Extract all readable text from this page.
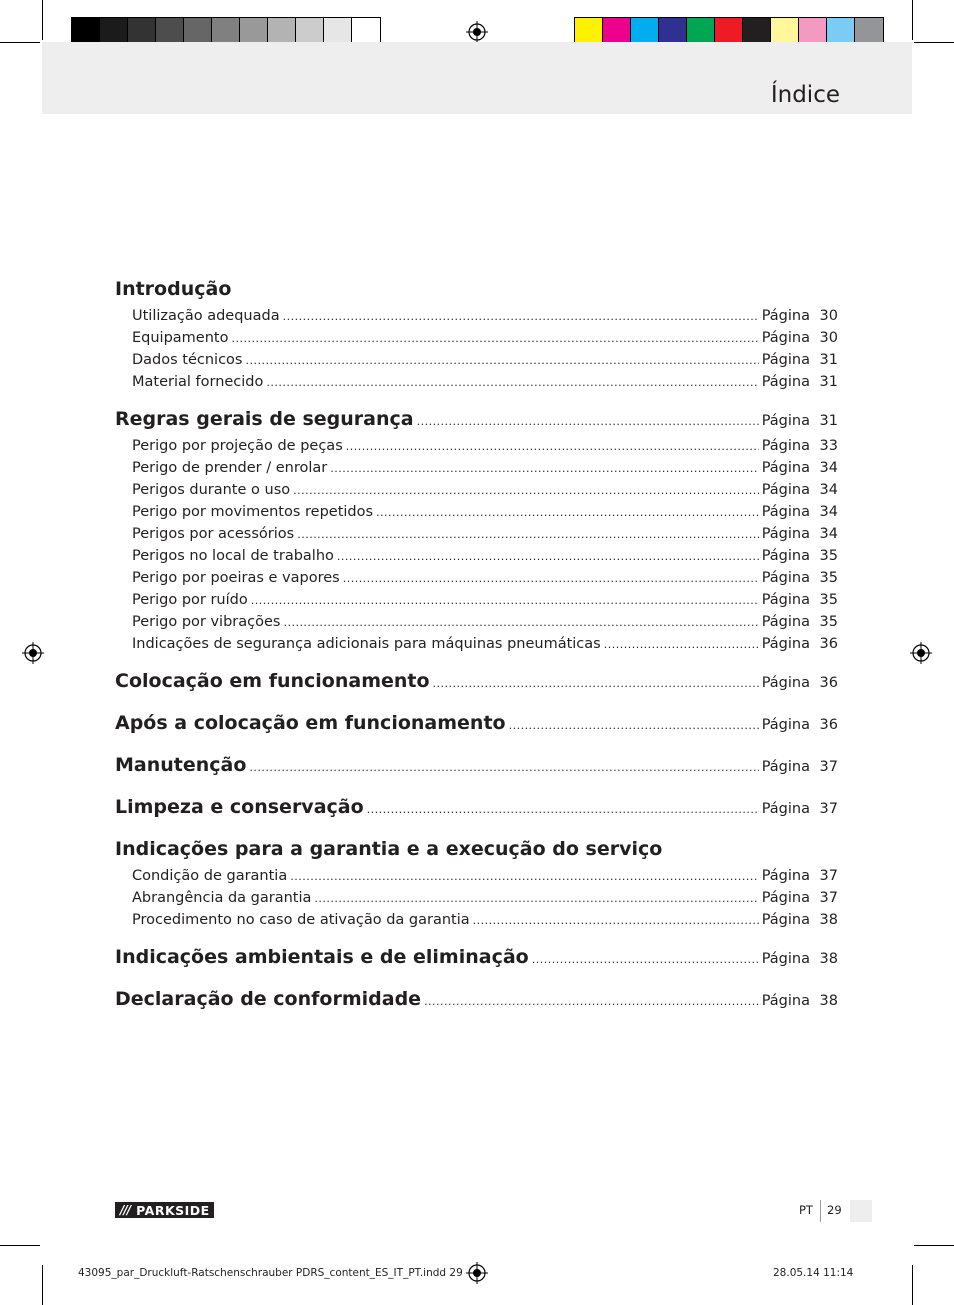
Índice
Introdução
Utilização adequada .....	Página 30
Equipamento .....	Página 30
Dados técnicos .....	Página 31
Material fornecido .....	Página 31
Regras gerais de segurança .....	Página 31
Perigo por projeção de peças .....	Página 33
Perigo de prender / enrolar .....	Página 34
Perigos durante o uso .....	Página 34
Perigo por movimentos repetidos .....	Página 34
Perigos por acessórios .....	Página 34
Perigos no local de trabalho .....	Página 35
Perigo por poeiras e vapores .....	Página 35
Perigo por ruído .....	Página 35
Perigo por vibrações .....	Página 35
Indicações de segurança adicionais para máquinas pneumáticas .....	Página 36
Colocação em funcionamento .....	Página 36
Após a colocação em funcionamento .....	Página 36
Manutenção .....	Página 37
Limpeza e conservação .....	Página 37
Indicações para a garantia e a execução do serviço
Condição de garantia .....	Página 37
Abrangência da garantia .....	Página 37
Procedimento no caso de ativação da garantia .....	Página 38
Indicações ambientais e de eliminação .....	Página 38
Declaração de conformidade .....	Página 38
/// PARKSIDE	PT 29
43095_par_Druckluft-Ratschenschrauber PDRS_content_ES_IT_PT.indd 29	28.05.14 11:14
